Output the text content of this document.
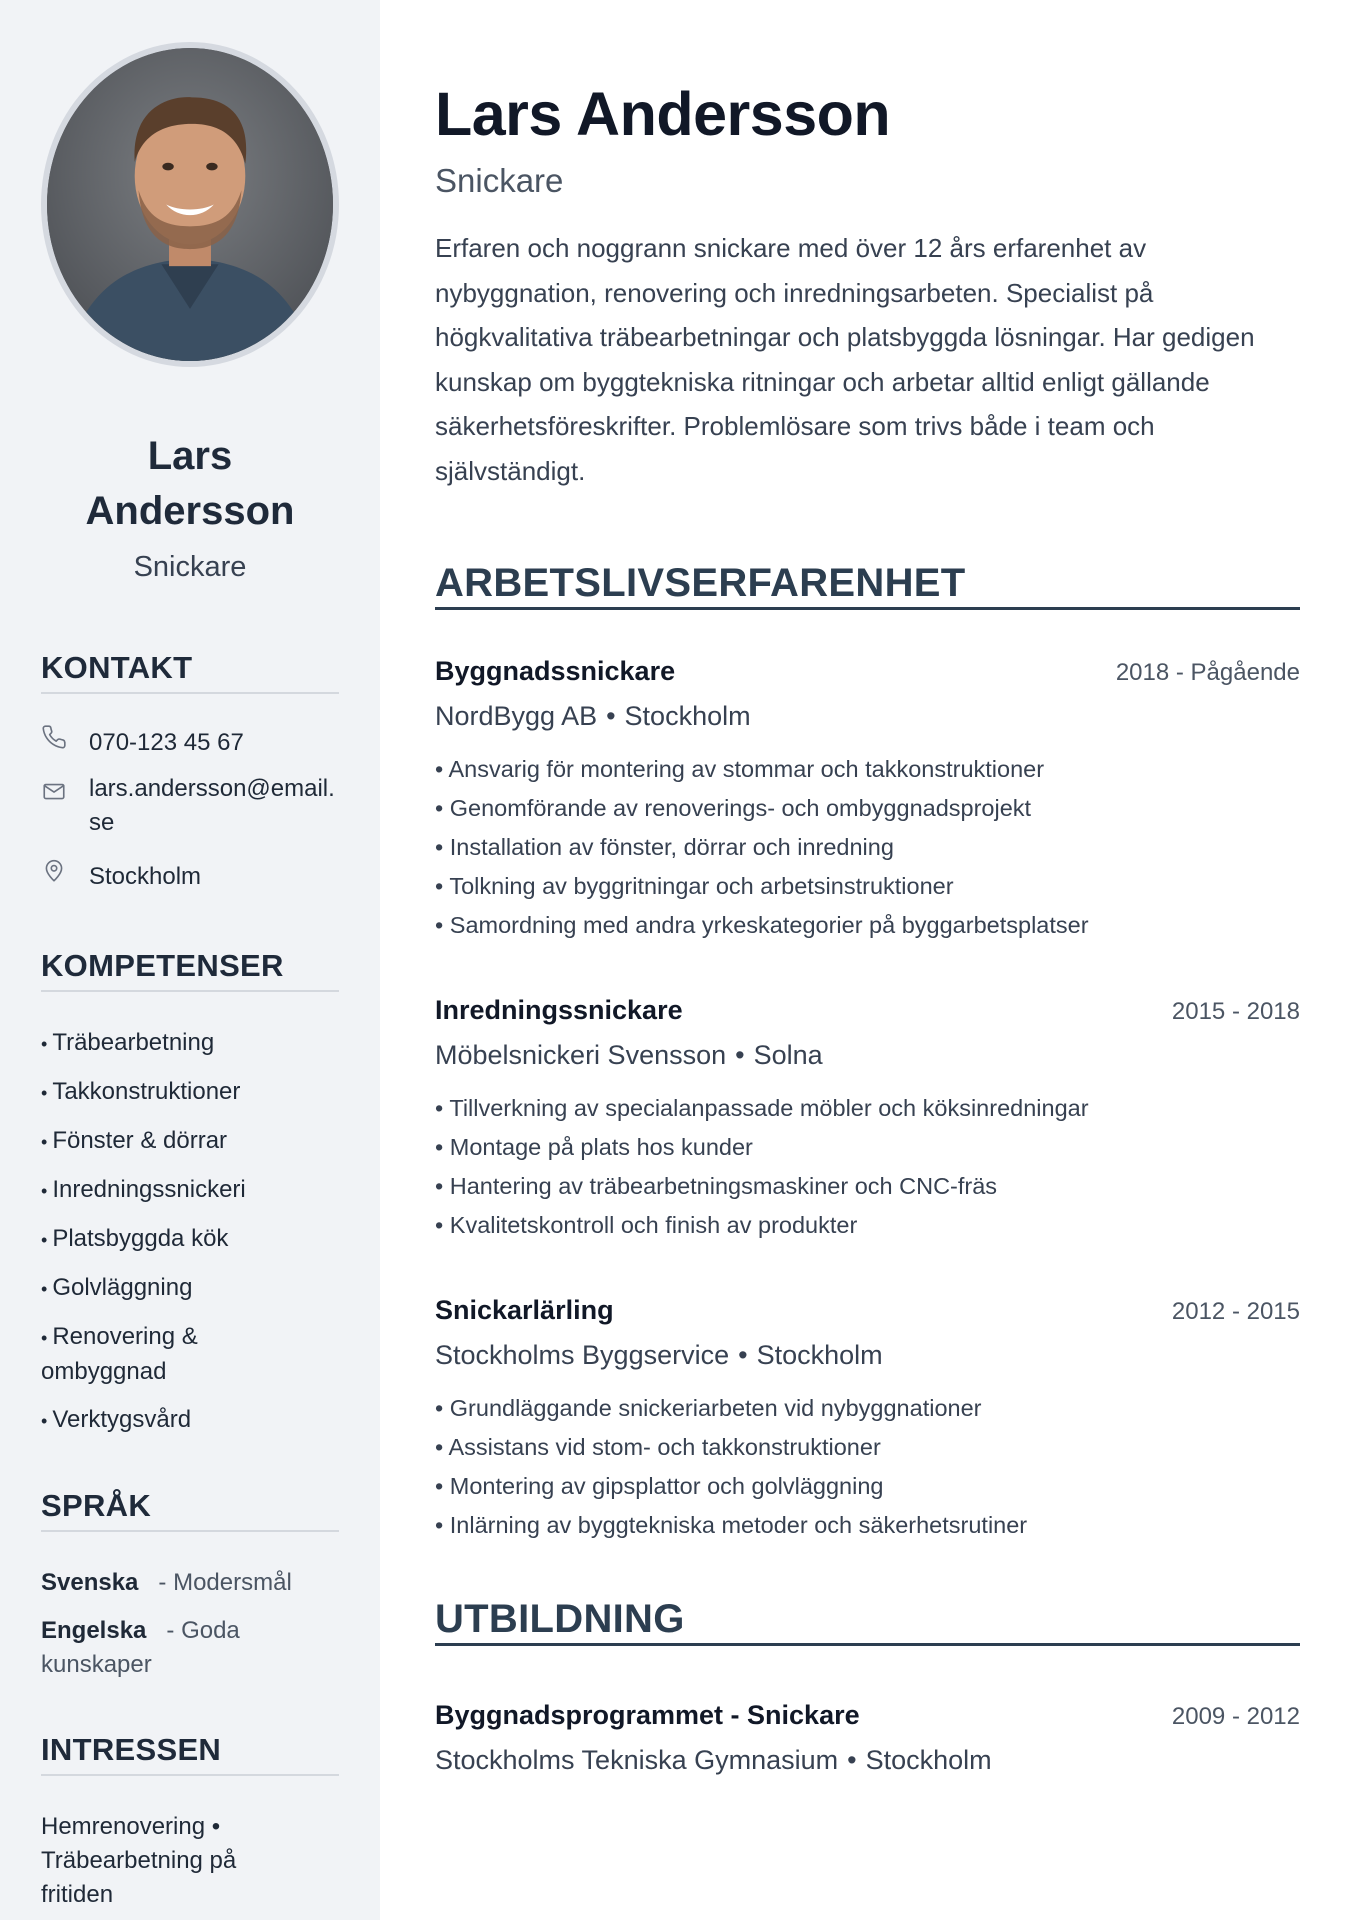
Lars
Andersson
Snickare
KONTAKT
070-123 45 67
lars.andersson@email.se
Stockholm
KOMPETENSER
• Träbearbetning
• Takkonstruktioner
• Fönster & dörrar
• Inredningssnickeri
• Platsbyggda kök
• Golvläggning
• Renovering & ombyggnad
• Verktygsvård
SPRÅK
Svenska   - Modersmål
Engelska   - Goda kunskaper
INTRESSEN
Hemrenovering • Träbearbetning på fritiden
Lars Andersson
Snickare

Erfaren och noggrann snickare med över 12 års erfarenhet av nybyggnation, renovering och inredningsarbeten. Specialist på högkvalitativa träbearbetningar och platsbyggda lösningar. Har gedigen kunskap om byggtekniska ritningar och arbetar alltid enligt gällande säkerhetsföreskrifter. Problemlösare som trivs både i team och självständigt.

ARBETSLIVSERFARENHET
Byggnadssnickare	2018 - Pågående
NordBygg AB • Stockholm
• Ansvarig för montering av stommar och takkonstruktioner
• Genomförande av renoverings- och ombyggnadsprojekt
• Installation av fönster, dörrar och inredning
• Tolkning av byggritningar och arbetsinstruktioner
• Samordning med andra yrkeskategorier på byggarbetsplatser
Inredningssnickare	2015 - 2018
Möbelsnickeri Svensson • Solna
• Tillverkning av specialanpassade möbler och köksinredningar
• Montage på plats hos kunder
• Hantering av träbearbetningsmaskiner och CNC-fräs
• Kvalitetskontroll och finish av produkter
Snickarlärling	2012 - 2015
Stockholms Byggservice • Stockholm
• Grundläggande snickeriarbeten vid nybyggnationer
• Assistans vid stom- och takkonstruktioner
• Montering av gipsplattor och golvläggning
• Inlärning av byggtekniska metoder och säkerhetsrutiner
UTBILDNING
Byggnadsprogrammet - Snickare	2009 - 2012
Stockholms Tekniska Gymnasium • Stockholm
